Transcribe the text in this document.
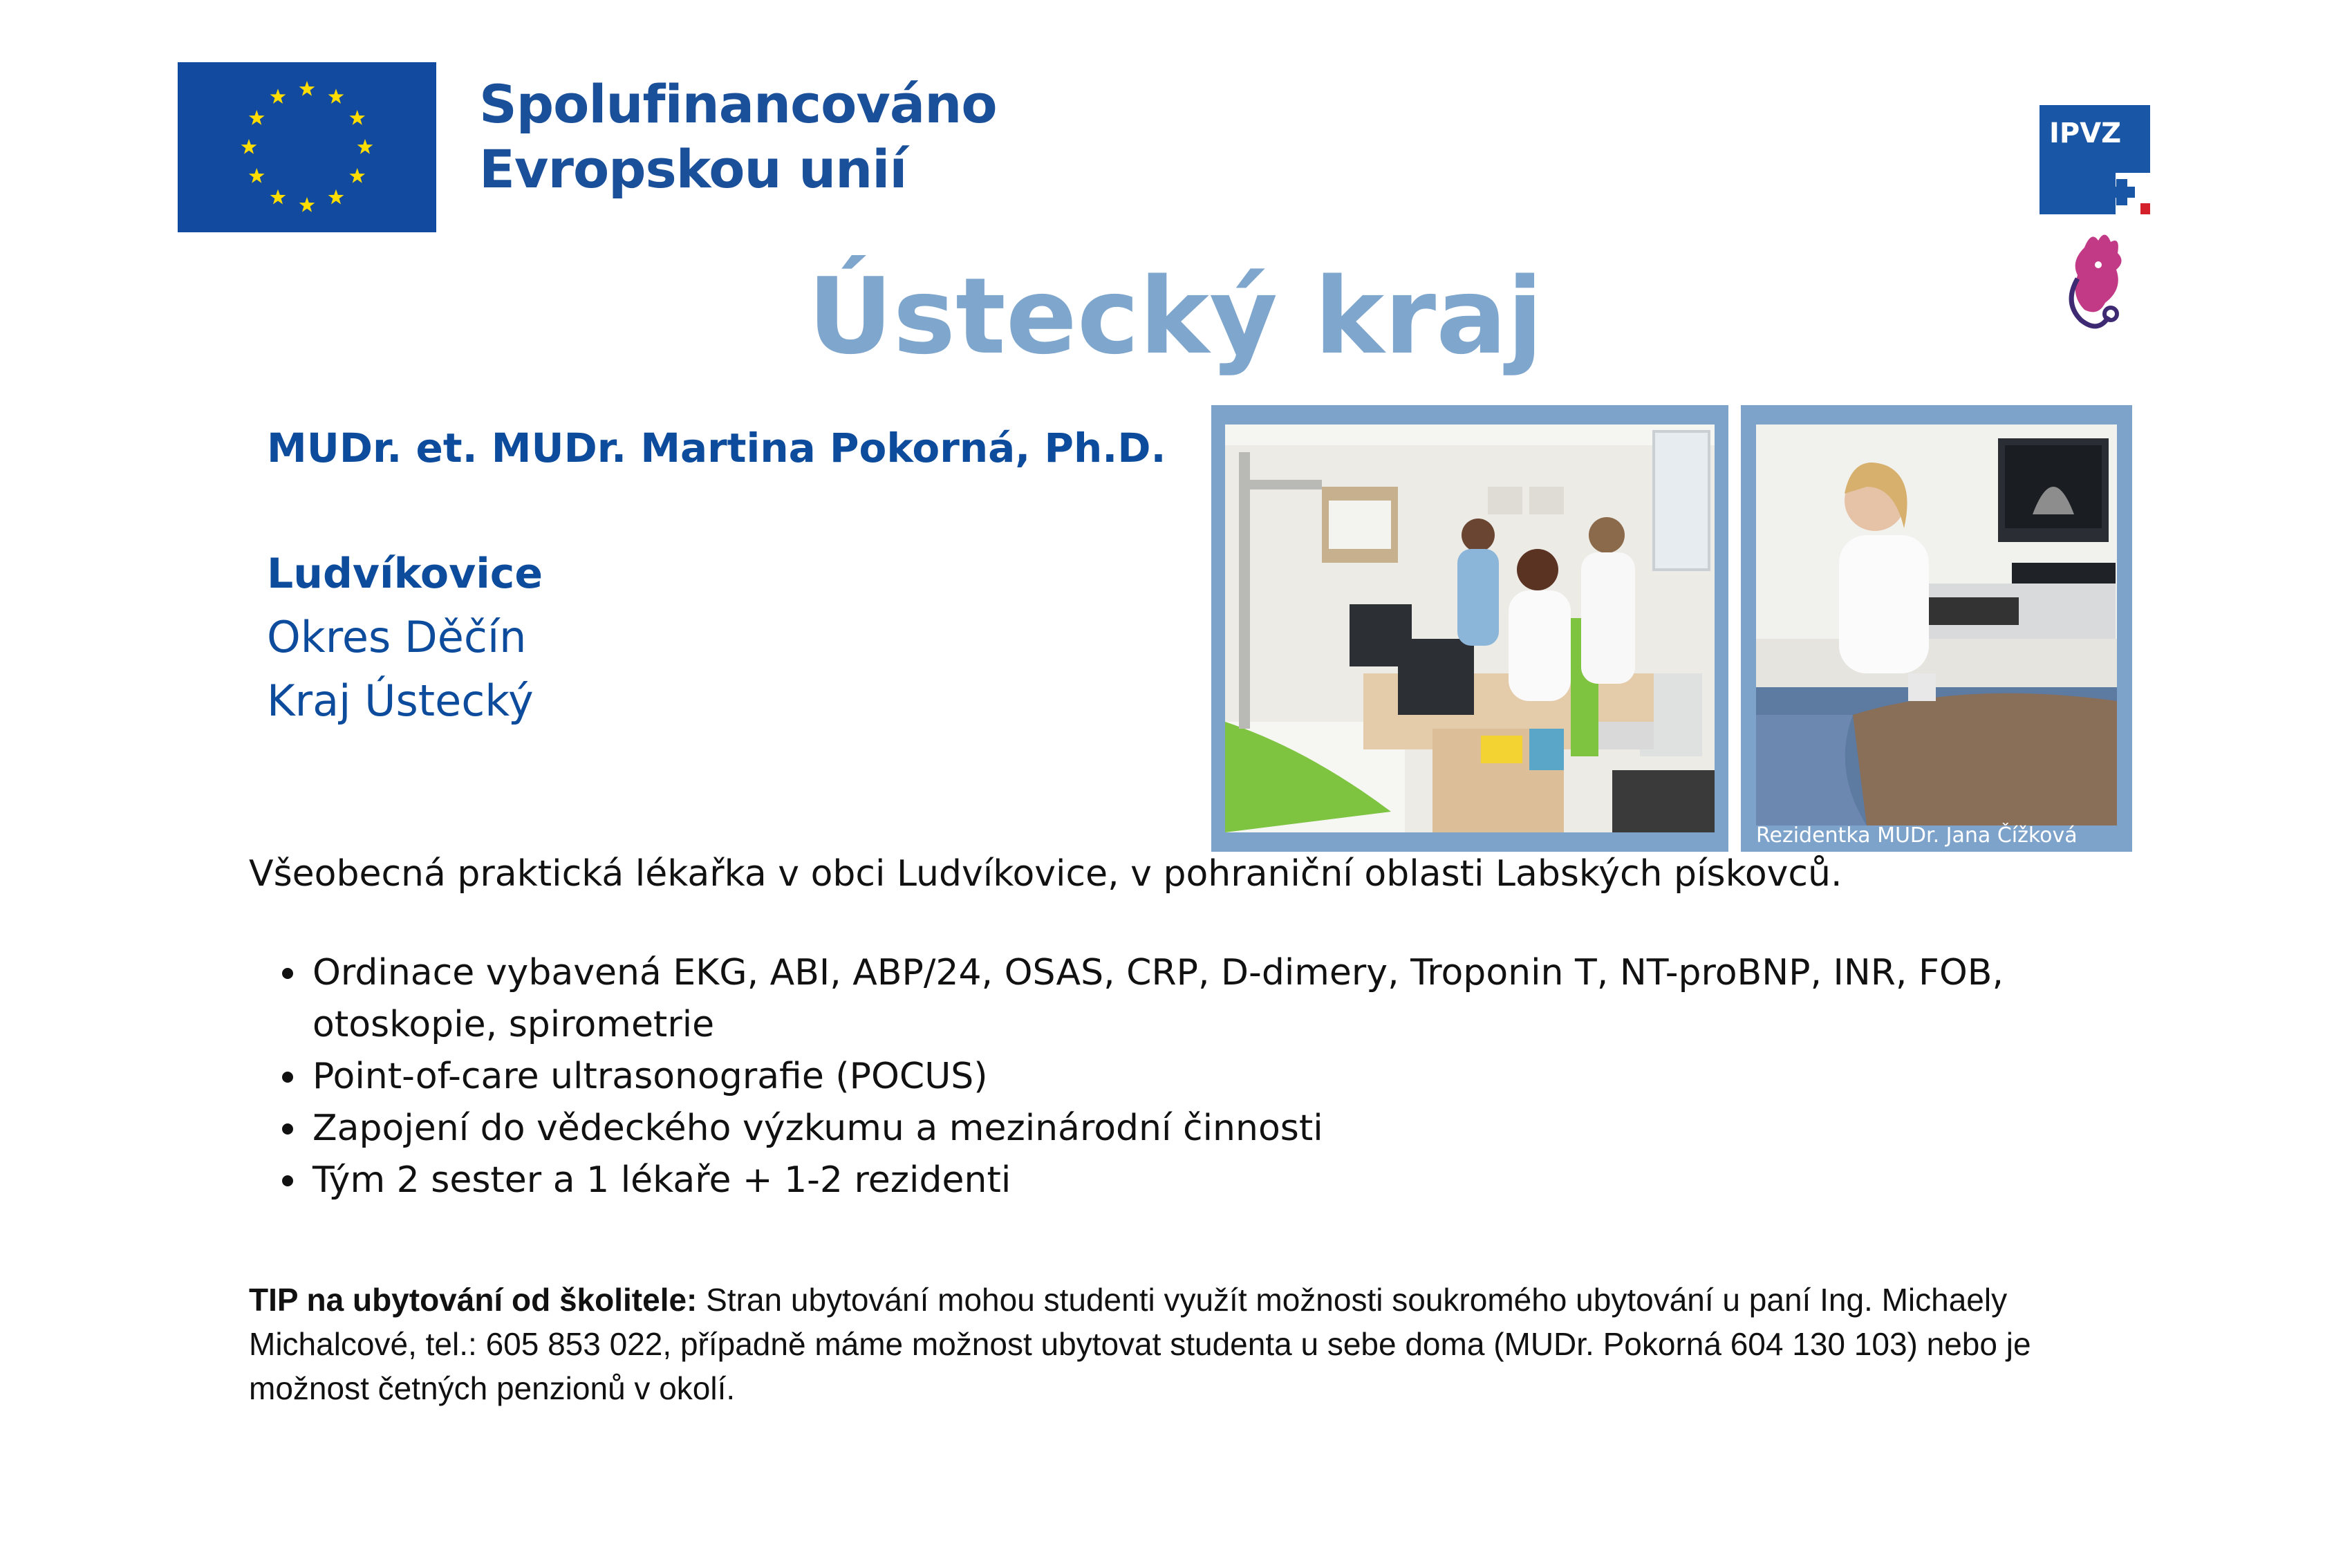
Spolufinancováno
Evropskou unií
IPVZ
Ústecký kraj
MUDr. et. MUDr. Martina Pokorná, Ph.D.
Ludvíkovice
Okres Děčín
Kraj Ústecký
Rezidentka MUDr. Jana Čížková
Všeobecná praktická lékařka v obci Ludvíkovice, v pohraniční oblasti Labských pískovců.
Ordinace vybavená EKG, ABI, ABP/24, OSAS, CRP, D-dimery, Troponin T, NT-proBNP, INR, FOB, otoskopie, spirometrie
Point-of-care ultrasonografie (POCUS)
Zapojení do vědeckého výzkumu a mezinárodní činnosti
Tým 2 sester a 1 lékaře + 1-2 rezidenti
TIP na ubytování od školitele: Stran ubytování mohou studenti využít možnosti soukromého ubytování u paní Ing. Michaely Michalcové, tel.: 605 853 022, případně máme možnost ubytovat studenta u sebe doma (MUDr. Pokorná 604 130 103) nebo je možnost četných penzionů v okolí.
